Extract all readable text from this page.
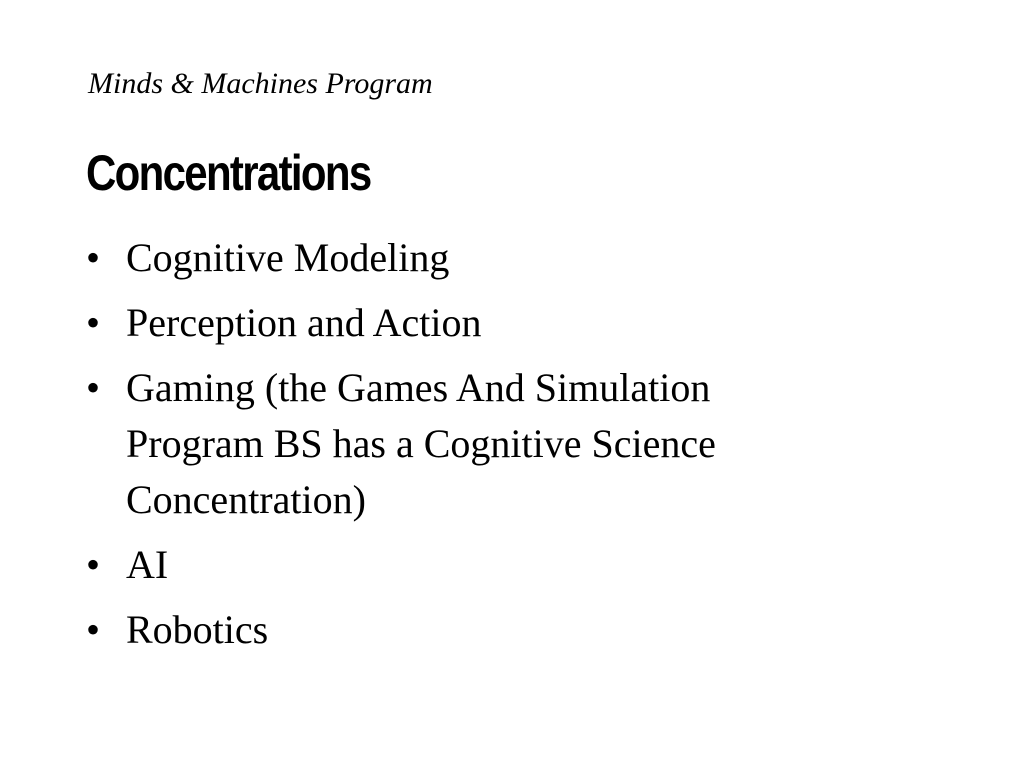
Minds & Machines Program
Concentrations
• Cognitive Modeling
• Perception and Action
• Gaming (the Games And Simulation Program BS has a Cognitive Science Concentration)
• AI
• Robotics
